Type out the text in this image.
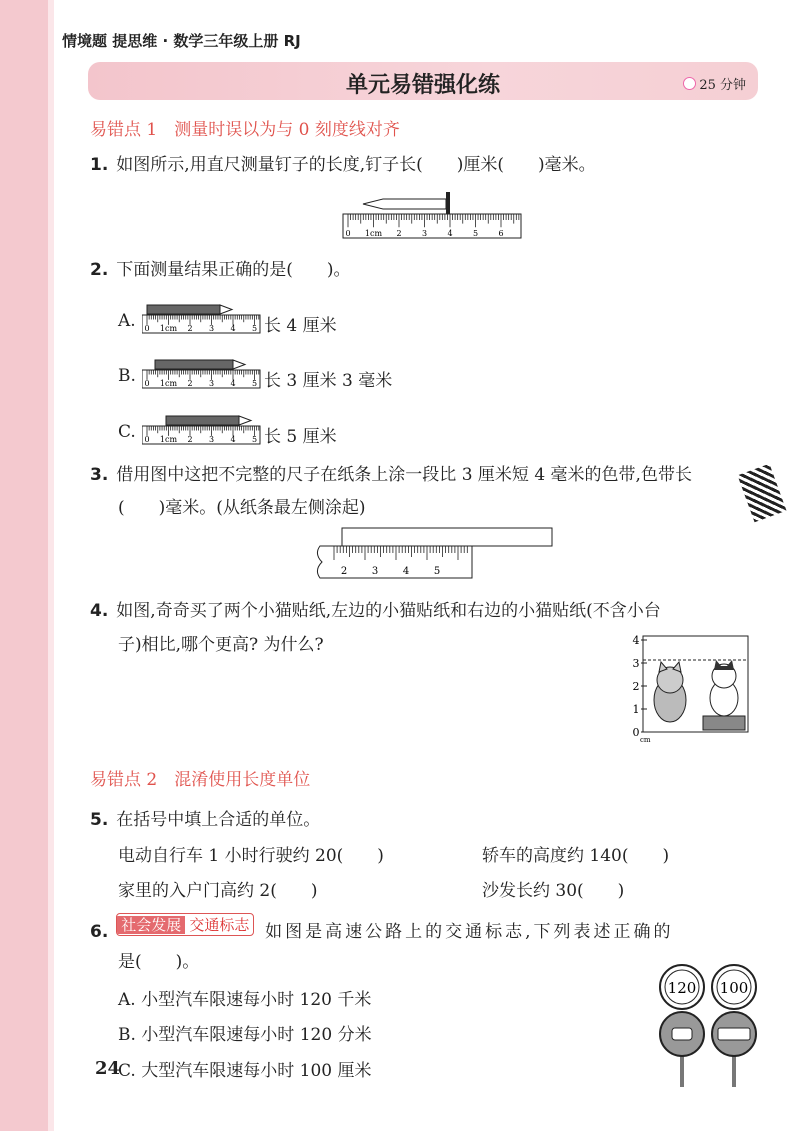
情境题 提思维 · 数学三年级上册 RJ
单元易错强化练	25 分钟
易错点 1　测量时误以为与 0 刻度线对齐
1. 如图所示,用直尺测量钉子的长度,钉子长(　　)厘米(　　)毫米。
0 1cm 2	3	4	5	6
2. 下面测量结果正确的是(　　)。
A. 0 1cm 2 3 4 5 长 4 厘米
B. 0 1cm 2 3 4 5 长 3 厘米 3 毫米
C. 0 1cm 2 3 4 5 长 5 厘米
3. 借用图中这把不完整的尺子在纸条上涂一段比 3 厘米短 4 毫米的色带,色带长
(　　)毫米。(从纸条最左侧涂起)
2 3 4 5
4. 如图,奇奇买了两个小猫贴纸,左边的小猫贴纸和右边的小猫贴纸(不含小台
子)相比,哪个更高? 为什么?	4
3
2
1
0
cm
易错点 2　混淆使用长度单位
5. 在括号中填上合适的单位。
电动自行车 1 小时行驶约 20(　　)	轿车的高度约 140(　　)
家里的入户门高约 2(　　)	沙发长约 30(　　)
6. 社会发展 交通标志 如图是高速公路上的交通标志,下列表述正确的
是(　　)。
A. 小型汽车限速每小时 120 千米
B. 小型汽车限速每小时 120 分米
C. 大型汽车限速每小时 100 厘米
120 100
24
